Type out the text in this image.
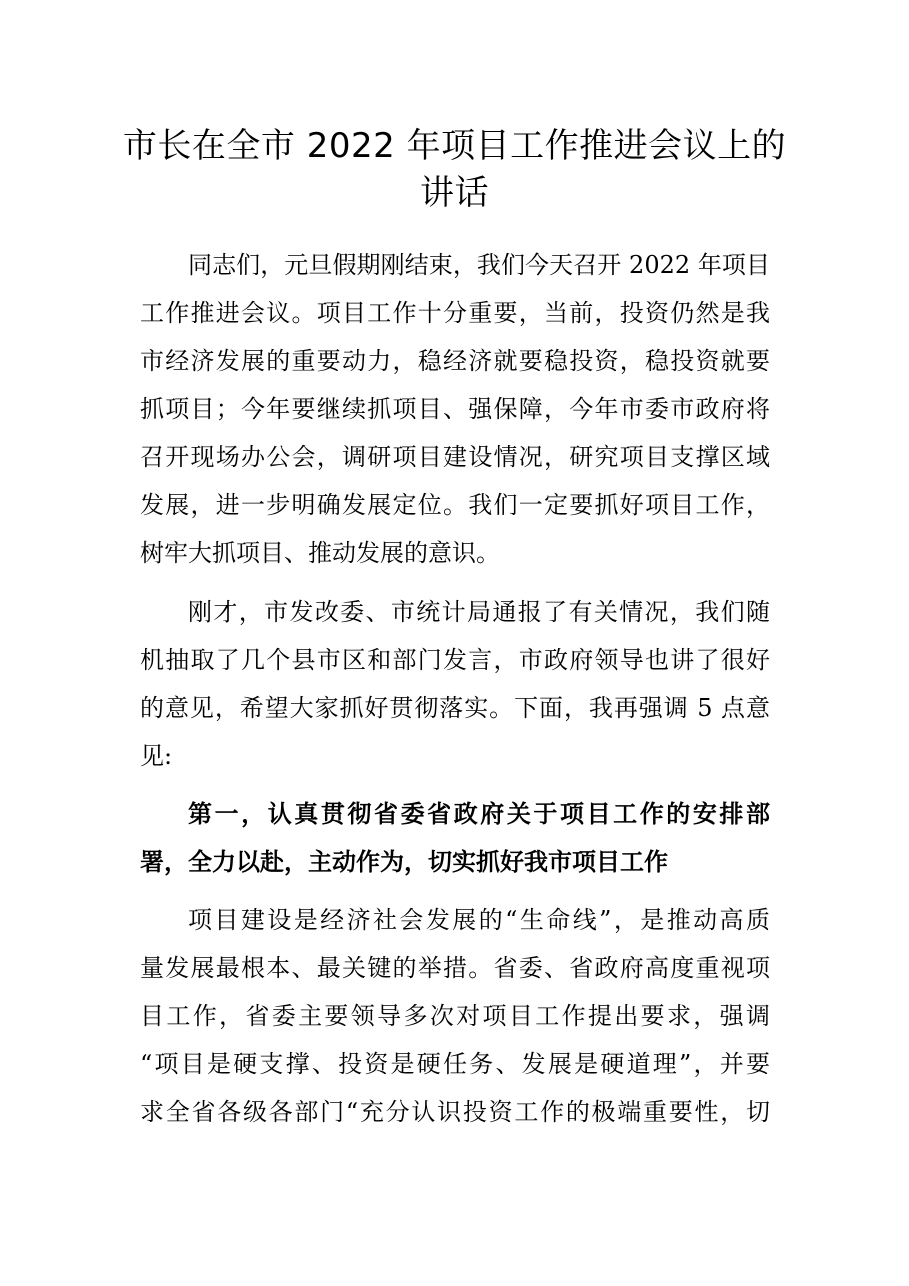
市长在全市 2022 年项目工作推进会议上的
讲话
同志们，元旦假期刚结束，我们今天召开 2022 年项目
工作推进会议。项目工作十分重要，当前，投资仍然是我
市经济发展的重要动力，稳经济就要稳投资，稳投资就要
抓项目；今年要继续抓项目、强保障，今年市委市政府将
召开现场办公会，调研项目建设情况，研究项目支撑区域
发展，进一步明确发展定位。我们一定要抓好项目工作，
树牢大抓项目、推动发展的意识。
刚才，市发改委、市统计局通报了有关情况，我们随
机抽取了几个县市区和部门发言，市政府领导也讲了很好
的意见，希望大家抓好贯彻落实。下面，我再强调 5 点意
见:
第一，认真贯彻省委省政府关于项目工作的安排部
署，全力以赴，主动作为，切实抓好我市项目工作
项目建设是经济社会发展的“生命线”，是推动高质
量发展最根本、最关键的举措。省委、省政府高度重视项
目工作，省委主要领导多次对项目工作提出要求，强调
“项目是硬支撑、投资是硬任务、发展是硬道理”，并要
求全省各级各部门“充分认识投资工作的极端重要性，切
